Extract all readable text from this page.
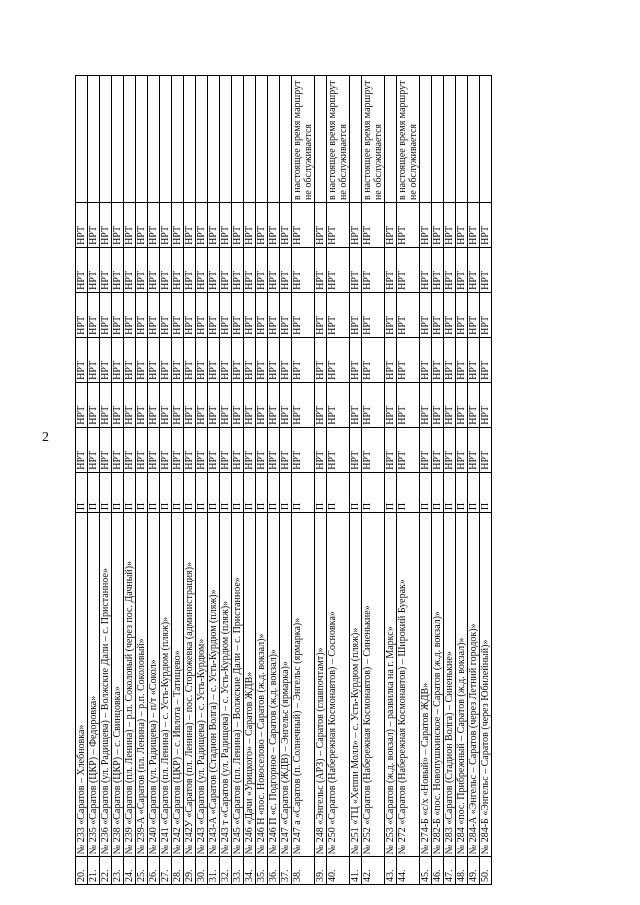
2
20.	№ 233 «Саратов – Хлебновка»	П	НРТ	НРТ	НРТ	НРТ	НРТ	НРТ	
21.	№ 235 «Саратов (ЦКР) – Федоровка»	П	НРТ	НРТ	НРТ	НРТ	НРТ	НРТ	
22.	№ 236 «Саратов (ул. Радищева) – Волжские Дали – с. Пристанное»	П	НРТ	НРТ	НРТ	НРТ	НРТ	НРТ	
23.	№ 238 «Саратов (ЦКР) – с. Свинцовка»	П	НРТ	НРТ	НРТ	НРТ	НРТ	НРТ	
24.	№ 239 «Саратов (пл. Ленина) – р.п. Соколовый (через пос. Дачный)»	П	НРТ	НРТ	НРТ	НРТ	НРТ	НРТ	
25.	№ 239-А «Саратов (пл. Ленина) – р.п. Соколовый»	П	НРТ	НРТ	НРТ	НРТ	НРТ	НРТ	
26.	№ 240 «Саратов (ул. Радищева) – п/т «Сокол»	П	НРТ	НРТ	НРТ	НРТ	НРТ	НРТ	
27.	№ 241 «Саратов (пл. Ленина) – с. Усть-Курдюм (пляж)»	П	НРТ	НРТ	НРТ	НРТ	НРТ	НРТ	
28.	№ 242 «Саратов (ЦКР) – с. Ивлота – Татищево»	П	НРТ	НРТ	НРТ	НРТ	НРТ	НРТ	
29.	№ 242У «Саратов (пл. Ленина) – пос. Сторожевка (администрация)»	П	НРТ	НРТ	НРТ	НРТ	НРТ	НРТ	
30.	№ 243 «Саратов (ул. Радищева) – с. Усть-Курдюм»	П	НРТ	НРТ	НРТ	НРТ	НРТ	НРТ	
31.	№ 243-А «Саратов (Стадион Волга) – с. Усть-Курдюм (пляж)»	П	НРТ	НРТ	НРТ	НРТ	НРТ	НРТ	
32.	№ 243 т «Саратов (ул. Радищева) – с. Усть-Курдюм (пляж)»	П	НРТ	НРТ	НРТ	НРТ	НРТ	НРТ	
33.	№ 245 «Саратов (пл. Ленина) – Волжские Дали – с. Пристанное»	П	НРТ	НРТ	НРТ	НРТ	НРТ	НРТ	
34.	№ 246 «Дачи «Урицкого» – Саратов ЖДВ»	П	НРТ	НРТ	НРТ	НРТ	НРТ	НРТ	
35.	№ 246 Н «пос. Новоселово – Саратов (ж.д. вокзал)»	П	НРТ	НРТ	НРТ	НРТ	НРТ	НРТ	
36.	№ 246 П «с. Подгорное – Саратов (ж.д. вокзал)»	П	НРТ	НРТ	НРТ	НРТ	НРТ	НРТ	
37.	№ 247 «Саратов (ЖДВ) – Энгельс (ярмарка)»	П	НРТ	НРТ	НРТ	НРТ	НРТ	НРТ	
38.	№ 247 а «Саратов (п. Солнечный) – Энгельс (ярмарка)»	П	НРТ	НРТ	НРТ	НРТ	НРТ	НРТ	в настоящее время маршрут не обслуживается
39.	№ 248 «Энгельс (АРЗ) – Саратов (главпочтамт)»	П	НРТ	НРТ	НРТ	НРТ	НРТ	НРТ	
40.	№ 250 «Саратов (Набережная Космонавтов) – Сосновка»	П	НРТ	НРТ	НРТ	НРТ	НРТ	НРТ	в настоящее время маршрут не обслуживается
41.	№ 251 «ТЦ «Хеппи Молл» – с. Усть-Курдюм (пляж)»	П	НРТ	НРТ	НРТ	НРТ	НРТ	НРТ	
42.	№ 252 «Саратов (Набережная Космонавтов) – Синенькие»	П	НРТ	НРТ	НРТ	НРТ	НРТ	НРТ	в настоящее время маршрут не обслуживается
43.	№ 253 «Саратов (ж.д. вокзал) – развилка на г. Маркс»	П	НРТ	НРТ	НРТ	НРТ	НРТ	НРТ	
44.	№ 272 «Саратов (Набережная Космонавтов) – Широкий Буерак»	П	НРТ	НРТ	НРТ	НРТ	НРТ	НРТ	в настоящее время маршрут не обслуживается
45.	№ 274-Б «с/х «Новый» – Саратов ЖДВ»	П	НРТ	НРТ	НРТ	НРТ	НРТ	НРТ	
46.	№ 282-Б «пос. Новопушкинское – Саратов (ж.д. вокзал)»	П	НРТ	НРТ	НРТ	НРТ	НРТ	НРТ	
47.	№ 283 «Саратов (Стадион Волга) – Синенькие»	П	НРТ	НРТ	НРТ	НРТ	НРТ	НРТ	
48.	№ 284 «пос. Прибрежный – Саратов (ж.д. вокзал)»	П	НРТ	НРТ	НРТ	НРТ	НРТ	НРТ	
49.	№ 284-А «Энгельс – Саратов (через Летний городок)»	П	НРТ	НРТ	НРТ	НРТ	НРТ	НРТ	
50.	№ 284-Б «Энгельс – Саратов (через Юбилейный)»	П	НРТ	НРТ	НРТ	НРТ	НРТ	НРТ	
